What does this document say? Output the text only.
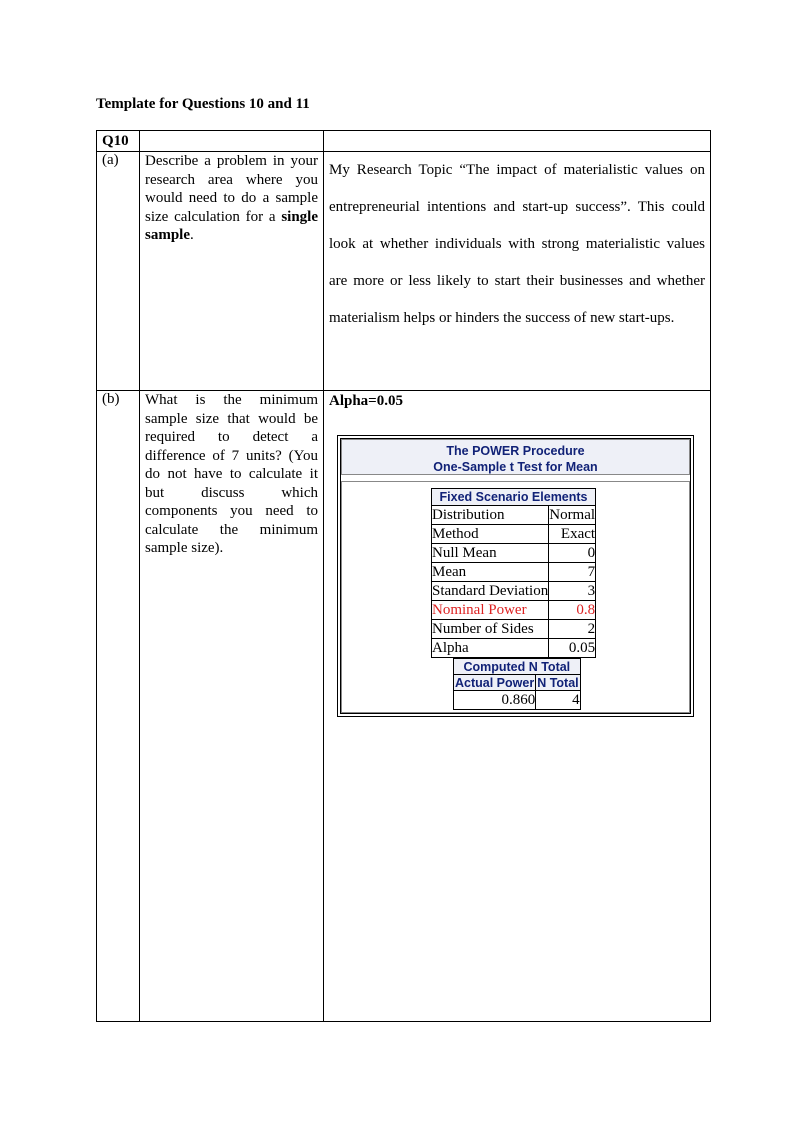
Template for Questions 10 and 11
Q10		
(a)	Describe a problem in your research area where you would need to do a sample size calculation for a single sample.	My Research Topic “The impact of materialistic values on entrepreneurial intentions and start-up success”. This could look at whether individuals with strong materialistic values are more or less likely to start their businesses and whether materialism helps or hinders the success of new start-ups.
(b)	What is the minimum sample size that would be required to detect a difference of 7 units? (You do not have to calculate it but discuss which components you need to calculate the minimum sample size).	Alpha=0.05
The POWER Procedure
One-Sample t Test for Mean
Fixed Scenario Elements	
Distribution	Normal
Method	Exact
Null Mean	0
Mean	7
Standard Deviation	3
Nominal Power	0.8
Number of Sides	2
Alpha	0.05
Computed N Total	
Actual Power	N Total
0.860	4
